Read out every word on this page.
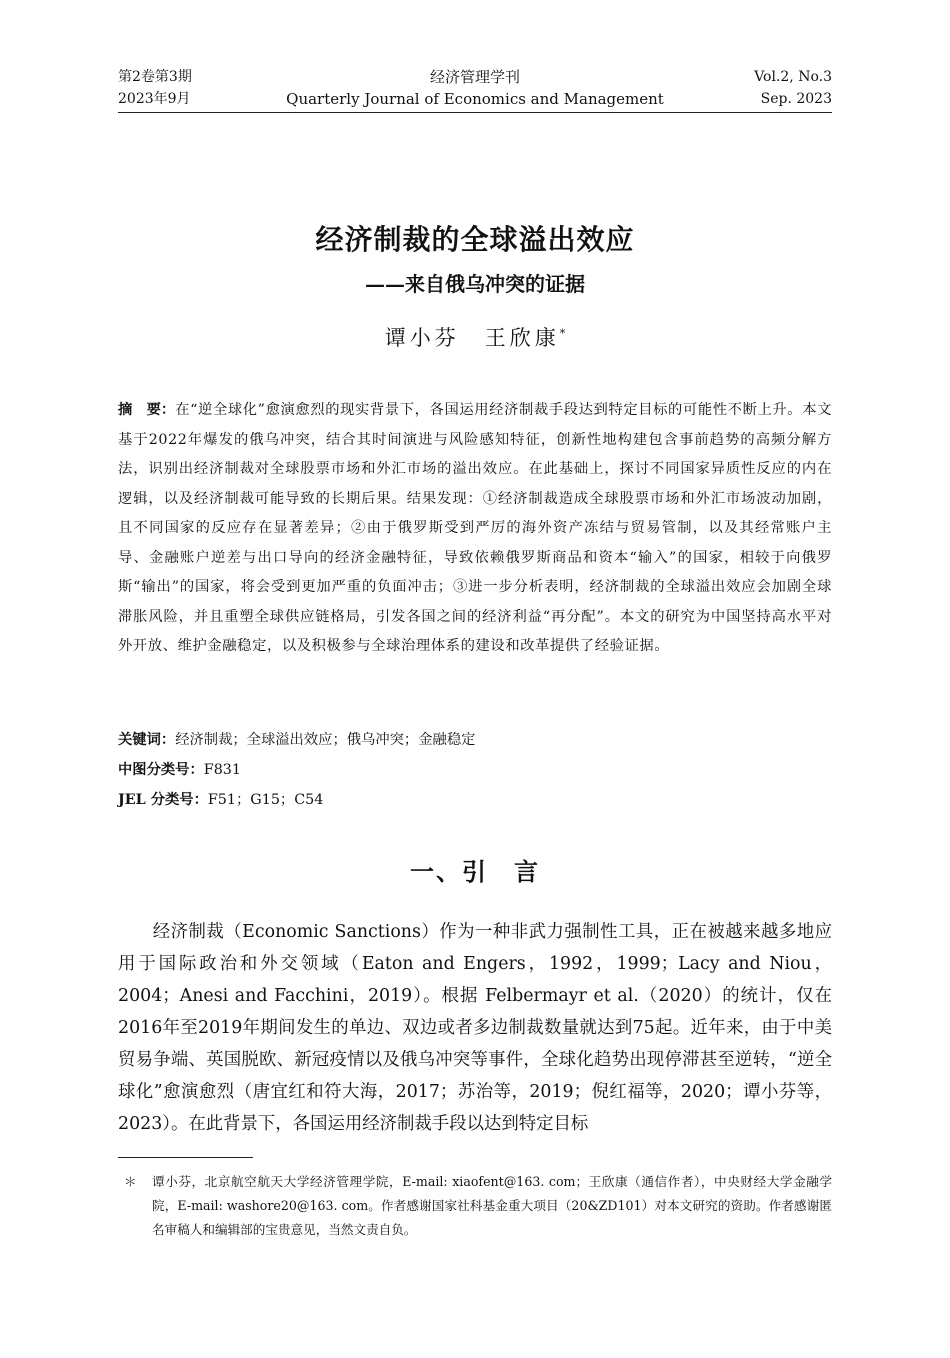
第2卷第3期
2023年9月
经济管理学刊
Quarterly Journal of Economics and Management
Vol.2, No.3
Sep. 2023
经济制裁的全球溢出效应
——来自俄乌冲突的证据
谭小芬　王欣康*
摘　要：在“逆全球化”愈演愈烈的现实背景下，各国运用经济制裁手段达到特定目标的可能性不断上升。本文基于2022年爆发的俄乌冲突，结合其时间演进与风险感知特征，创新性地构建包含事前趋势的高频分解方法，识别出经济制裁对全球股票市场和外汇市场的溢出效应。在此基础上，探讨不同国家异质性反应的内在逻辑，以及经济制裁可能导致的长期后果。结果发现：①经济制裁造成全球股票市场和外汇市场波动加剧，且不同国家的反应存在显著差异；②由于俄罗斯受到严厉的海外资产冻结与贸易管制，以及其经常账户主导、金融账户逆差与出口导向的经济金融特征，导致依赖俄罗斯商品和资本“输入”的国家，相较于向俄罗斯“输出”的国家，将会受到更加严重的负面冲击；③进一步分析表明，经济制裁的全球溢出效应会加剧全球滞胀风险，并且重塑全球供应链格局，引发各国之间的经济利益“再分配”。本文的研究为中国坚持高水平对外开放、维护金融稳定，以及积极参与全球治理体系的建设和改革提供了经验证据。
关键词：经济制裁；全球溢出效应；俄乌冲突；金融稳定
中图分类号：F831
JEL 分类号：F51；G15；C54
一、引　言

经济制裁（Economic Sanctions）作为一种非武力强制性工具，正在被越来越多地应用于国际政治和外交领域（Eaton and Engers，1992，1999；Lacy and Niou，2004；Anesi and Facchini，2019）。根据 Felbermayr et al.（2020）的统计，仅在2016年至2019年期间发生的单边、双边或者多边制裁数量就达到75起。近年来，由于中美贸易争端、英国脱欧、新冠疫情以及俄乌冲突等事件，全球化趋势出现停滞甚至逆转，“逆全球化”愈演愈烈（唐宜红和符大海，2017；苏治等，2019；倪红福等，2020；谭小芬等，2023）。在此背景下，各国运用经济制裁手段以达到特定目标

＊ 谭小芬，北京航空航天大学经济管理学院，E-mail: xiaofent@163. com；王欣康（通信作者），中央财经大学金融学院，E-mail: washore20@163. com。作者感谢国家社科基金重大项目（20&ZD101）对本文研究的资助。作者感谢匿名审稿人和编辑部的宝贵意见，当然文责自负。
